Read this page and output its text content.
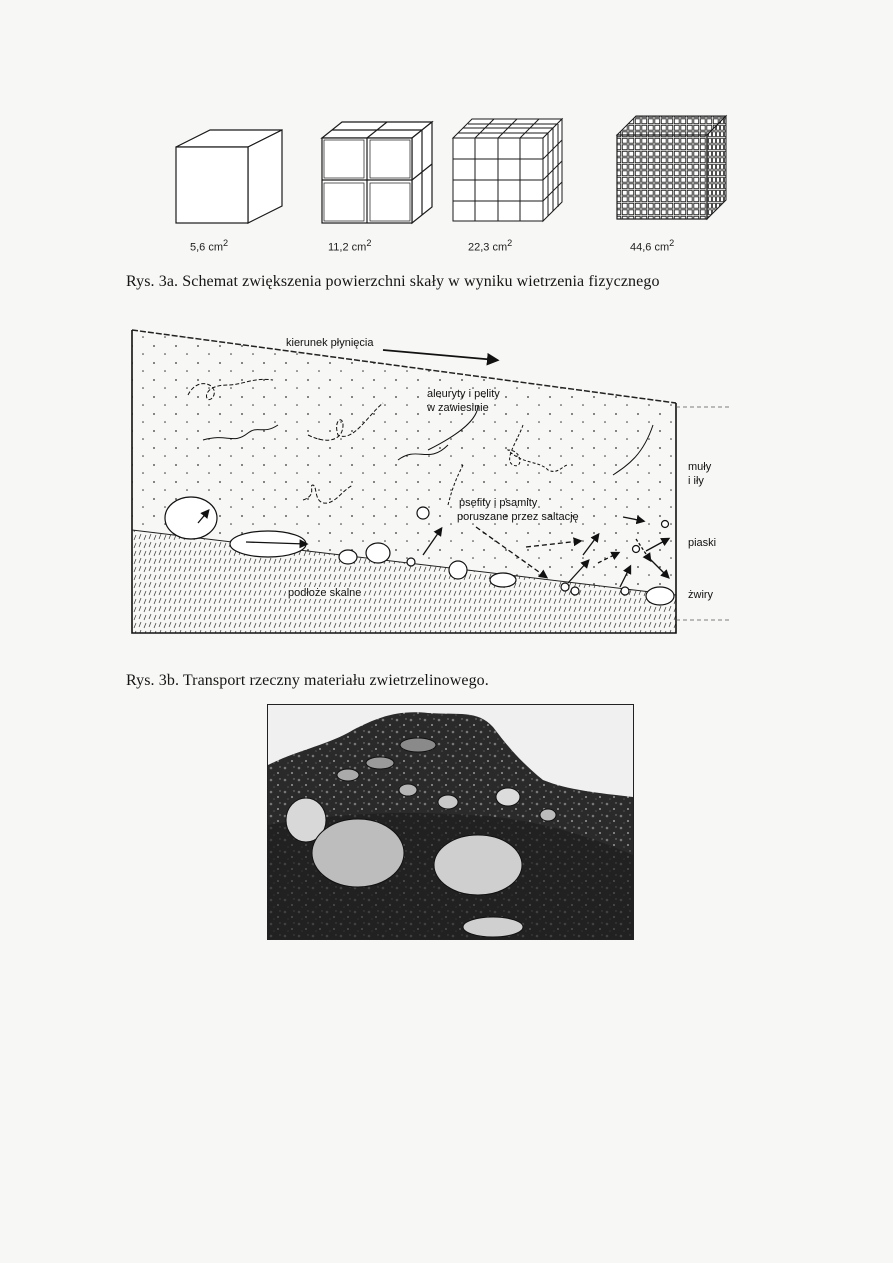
5,6 $cm^2$	11,2 $cm^2$	22,3 $cm^2$	44,6 $cm^2$
Rys. 3a. Schemat zwiększenia powierzchni skały w wyniku wietrzenia fizycznego
kierunek płynięcia
aleuryty i pelity
w zawiesinie
psefity i psamity
poruszane przez saltację
podłoże skalne
muły
i iły
piaski
żwiry
Rys. 3b. Transport rzeczny materiału zwietrzelinowego.
